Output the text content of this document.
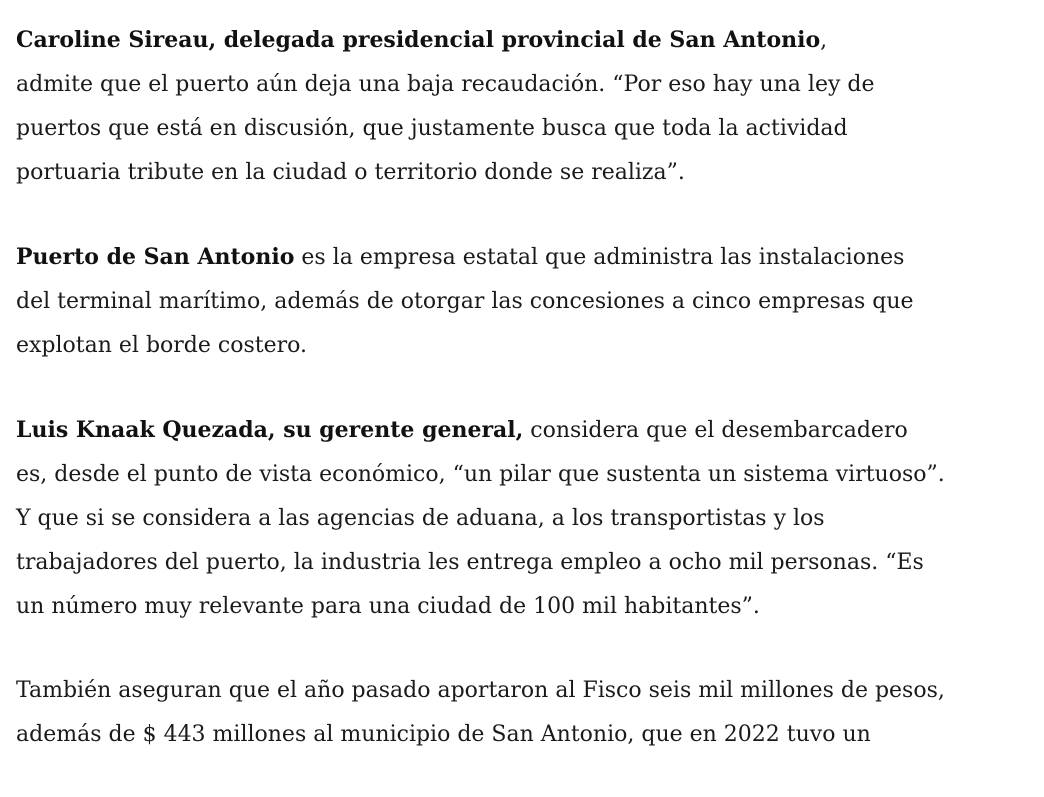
Caroline Sireau, delegada presidencial provincial de San Antonio,
admite que el puerto aún deja una baja recaudación. “Por eso hay una ley de
puertos que está en discusión, que justamente busca que toda la actividad
portuaria tribute en la ciudad o territorio donde se realiza”.

Puerto de San Antonio es la empresa estatal que administra las instalaciones
del terminal marítimo, además de otorgar las concesiones a cinco empresas que
explotan el borde costero.

Luis Knaak Quezada, su gerente general, considera que el desembarcadero
es, desde el punto de vista económico, “un pilar que sustenta un sistema virtuoso”.
Y que si se considera a las agencias de aduana, a los transportistas y los
trabajadores del puerto, la industria les entrega empleo a ocho mil personas. “Es
un número muy relevante para una ciudad de 100 mil habitantes”.

También aseguran que el año pasado aportaron al Fisco seis mil millones de pesos,
además de $ 443 millones al municipio de San Antonio, que en 2022 tuvo un
